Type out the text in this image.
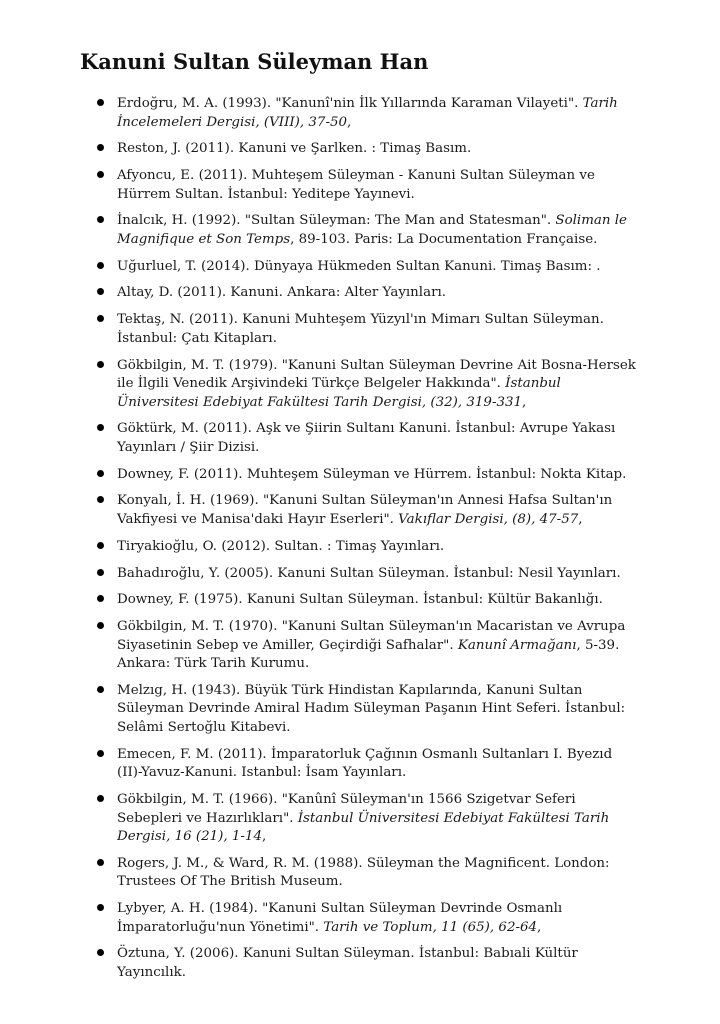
Kanuni Sultan Süleyman Han
Erdoğru, M. A. (1993). "Kanunî'nin İlk Yıllarında Karaman Vilayeti". Tarih İncelemeleri Dergisi, (VIII), 37-50,
Reston, J. (2011). Kanuni ve Şarlken. : Timaş Basım.
Afyoncu, E. (2011). Muhteşem Süleyman - Kanuni Sultan Süleyman ve Hürrem Sultan. İstanbul: Yeditepe Yayınevi.
İnalcık, H. (1992). "Sultan Süleyman: The Man and Statesman". Soliman le Magnifique et Son Temps, 89-103. Paris: La Documentation Française.
Uğurluel, T. (2014). Dünyaya Hükmeden Sultan Kanuni. Timaş Basım: .
Altay, D. (2011). Kanuni. Ankara: Alter Yayınları.
Tektaş, N. (2011). Kanuni Muhteşem Yüzyıl'ın Mimarı Sultan Süleyman. İstanbul: Çatı Kitapları.
Gökbilgin, M. T. (1979). "Kanuni Sultan Süleyman Devrine Ait Bosna-Hersek ile İlgili Venedik Arşivindeki Türkçe Belgeler Hakkında". İstanbul Üniversitesi Edebiyat Fakültesi Tarih Dergisi, (32), 319-331,
Göktürk, M. (2011). Aşk ve Şiirin Sultanı Kanuni. İstanbul: Avrupe Yakası Yayınları / Şiir Dizisi.
Downey, F. (2011). Muhteşem Süleyman ve Hürrem. İstanbul: Nokta Kitap.
Konyalı, İ. H. (1969). "Kanuni Sultan Süleyman'ın Annesi Hafsa Sultan'ın Vakfiyesi ve Manisa'daki Hayır Eserleri". Vakıflar Dergisi, (8), 47-57,
Tiryakioğlu, O. (2012). Sultan. : Timaş Yayınları.
Bahadıroğlu, Y. (2005). Kanuni Sultan Süleyman. İstanbul: Nesil Yayınları.
Downey, F. (1975). Kanuni Sultan Süleyman. İstanbul: Kültür Bakanlığı.
Gökbilgin, M. T. (1970). "Kanuni Sultan Süleyman'ın Macaristan ve Avrupa Siyasetinin Sebep ve Amiller, Geçirdiği Safhalar". Kanunî Armağanı, 5-39. Ankara: Türk Tarih Kurumu.
Melzıg, H. (1943). Büyük Türk Hindistan Kapılarında, Kanuni Sultan Süleyman Devrinde Amiral Hadım Süleyman Paşanın Hint Seferi. İstanbul: Selâmi Sertoğlu Kitabevi.
Emecen, F. M. (2011). İmparatorluk Çağının Osmanlı Sultanları I. Byezıd (II)-Yavuz-Kanuni. Istanbul: İsam Yayınları.
Gökbilgin, M. T. (1966). "Kanûnî Süleyman'ın 1566 Szigetvar Seferi Sebepleri ve Hazırlıkları". İstanbul Üniversitesi Edebiyat Fakültesi Tarih Dergisi, 16 (21), 1-14,
Rogers, J. M., & Ward, R. M. (1988). Süleyman the Magnificent. London: Trustees Of The British Museum.
Lybyer, A. H. (1984). "Kanuni Sultan Süleyman Devrinde Osmanlı İmparatorluğu'nun Yönetimi". Tarih ve Toplum, 11 (65), 62-64,
Öztuna, Y. (2006). Kanuni Sultan Süleyman. İstanbul: Babıali Kültür Yayıncılık.
